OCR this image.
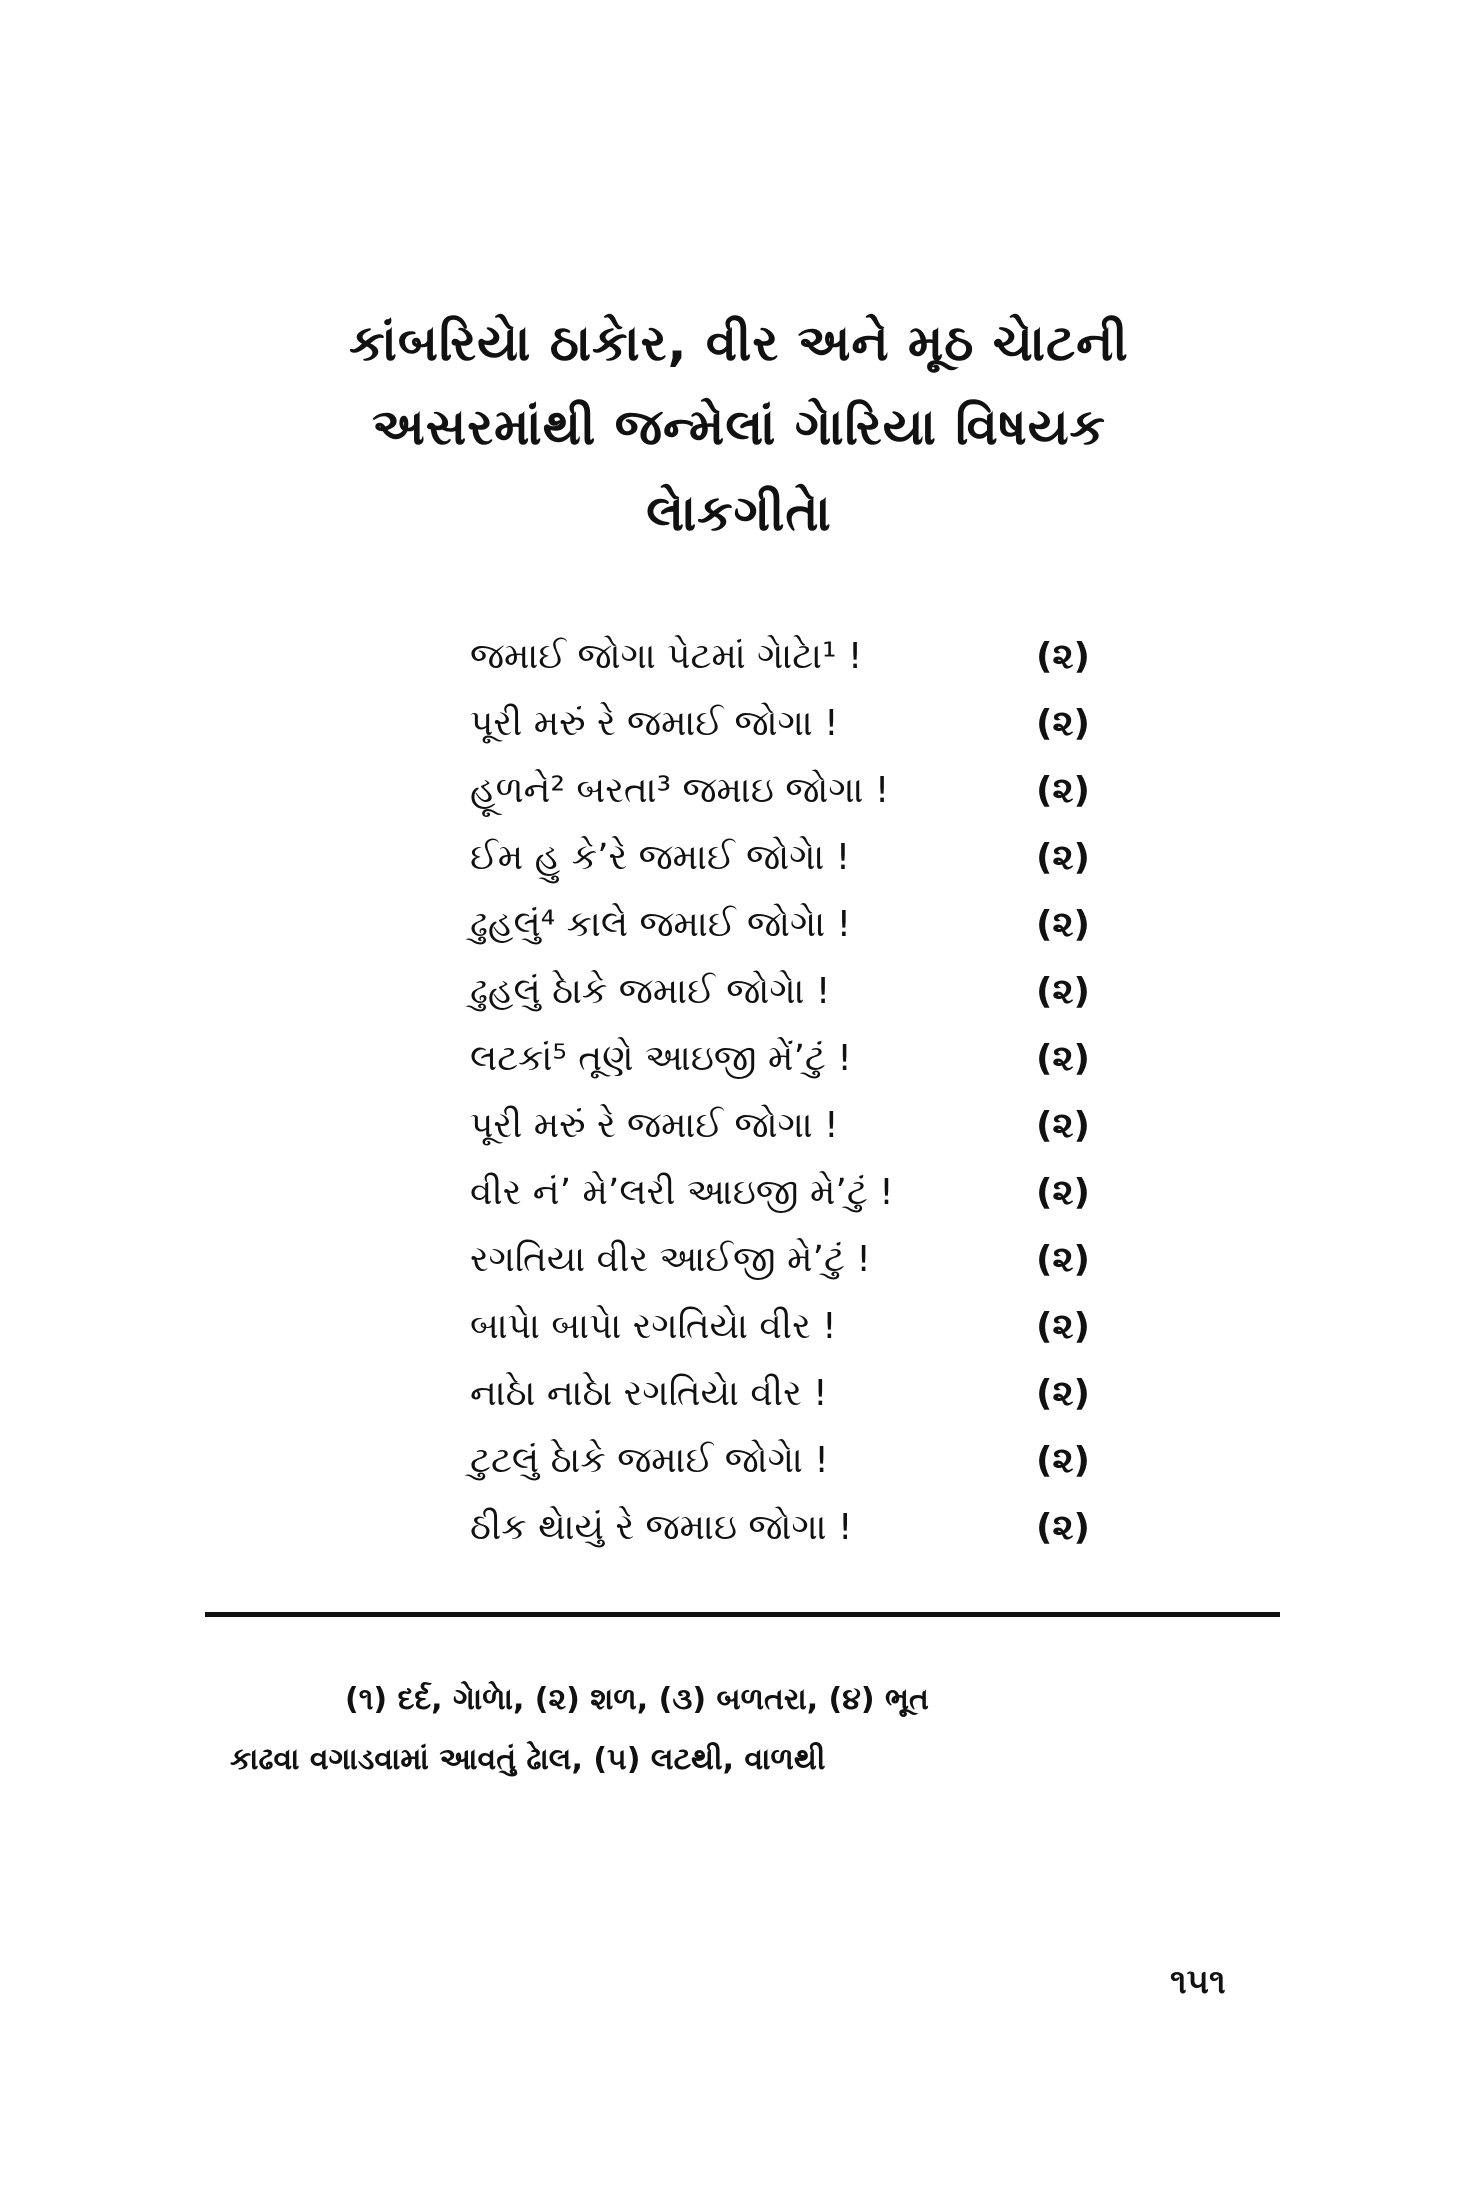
કાંબરિયેા ઠાકેાર, વીર અને મૂઠ ચેાટની
અસરમાંથી જન્મેલાં ગેારિયા વિષયક
લેાકગીતેા
જમાઈ જોગા પેટમાં ગેાટેા¹ !	(૨)
પૂરી મરું રે જમાઈ જોગા !	(૨)
હૂળને² બરતા³ જમાઇ જોગા !	(૨)
ઈમ હુ કે’રે જમાઈ જોગેા !	(૨)
ઢુહલું⁴ કાલે જમાઈ જોગેા !	(૨)
ઢુહલું ઠેાકે જમાઈ જોગેા !	(૨)
લટકાં⁵ તૂણે આઇજી મેં’ટું !	(૨)
પૂરી મરું રે જમાઈ જોગા !	(૨)
વીર નં’ મે’લરી આઇજી મે’ટું !	(૨)
રગતિયા વીર આઈજી મે’ટું !	(૨)
બાપેા બાપેા રગતિયેા વીર !	(૨)
નાઠેા નાઠેા રગતિયેા વીર !	(૨)
ટુટલું ઠેાકે જમાઈ જોગેા !	(૨)
ઠીક થેાયું રે જમાઇ જોગા !	(૨)
(૧) દર્દ, ગેાળેા, (૨) શળ, (૩) બળતરા, (૪) ભૂત
કાઢવા વગાડવામાં આવતું ઢેાલ, (૫) લટથી, વાળથી
૧૫૧
